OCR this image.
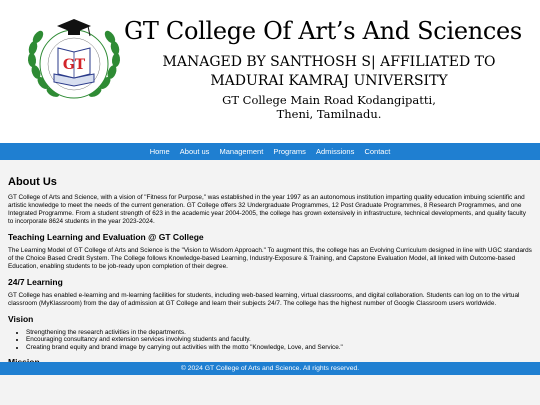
GT
GT College Of Art’s And Sciences
MANAGED BY SANTHOSH S| AFFILIATED TO
MADURAI KAMRAJ UNIVERSITY
GT College Main Road Kodangipatti,
Theni, Tamilnadu.
Home About us Management Programs Admissions Contact
About Us

GT College of Arts and Science, with a vision of "Fitness for Purpose," was established in the year 1997 as an autonomous institution imparting quality education imbuing scientific and artistic knowledge to meet the needs of the current generation. GT College offers 32 Undergraduate Programmes, 12 Post Graduate Programmes, 8 Research Programmes, and one Integrated Programme. From a student strength of 623 in the academic year 2004-2005, the college has grown extensively in infrastructure, technical developments, and quality faculty to incorporate 8624 students in the year 2023-2024.

Teaching Learning and Evaluation @ GT College

The Learning Model of GT College of Arts and Science is the "Vision to Wisdom Approach." To augment this, the college has an Evolving Curriculum designed in line with UGC standards of the Choice Based Credit System. The College follows Knowledge-based Learning, Industry-Exposure & Training, and Capstone Evaluation Model, all linked with Outcome-based Education, enabling students to be job-ready upon completion of their degree.

24/7 Learning

GT College has enabled e-learning and m-learning facilities for students, including web-based learning, virtual classrooms, and digital collaboration. Students can log on to the virtual classroom (MyKlassroom) from the day of admission at GT College and learn their subjects 24/7. The college has the highest number of Google Classroom users worldwide.

Vision
• Strengthening the research activities in the departments.
• Encouraging consultancy and extension services involving students and faculty.
• Creating brand equity and brand image by carrying out activities with the motto "Knowledge, Love, and Service."
© 2024 GT College of Arts and Science. All rights reserved.
